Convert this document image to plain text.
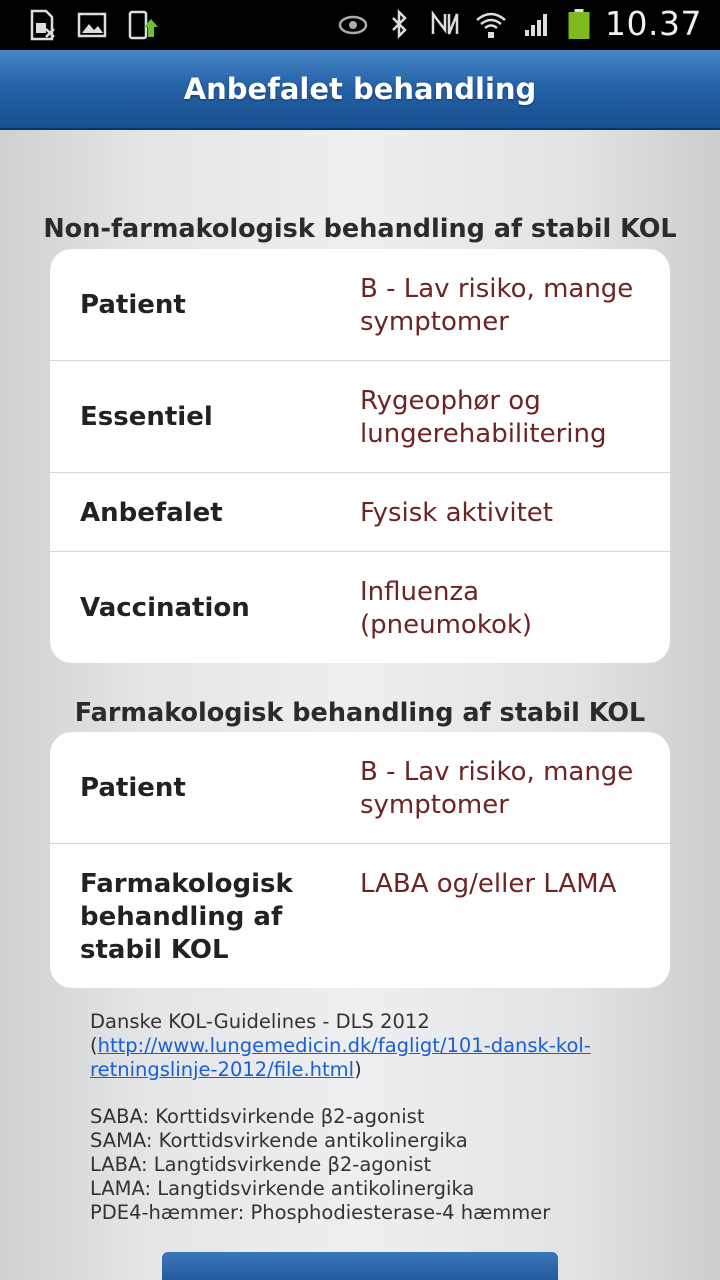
10.37
Anbefalet behandling
Non-farmakologisk behandling af stabil KOL
Patient
B - Lav risiko, mange symptomer
Essentiel
Rygeophør og lungerehabilitering
Anbefalet	Fysisk aktivitet
Vaccination
Influenza (pneumokok)
Farmakologisk behandling af stabil KOL
Patient
B - Lav risiko, mange symptomer
Farmakologisk behandling af stabil KOL
LABA og/eller LAMA
Danske KOL-Guidelines - DLS 2012 (http://www.lungemedicin.dk/fagligt/101-dansk-kol-retningslinje-2012/file.html)
SABA: Korttidsvirkende β2-agonist
SAMA: Korttidsvirkende antikolinergika
LABA: Langtidsvirkende β2-agonist
LAMA: Langtidsvirkende antikolinergika
PDE4-hæmmer: Phosphodiesterase-4 hæmmer
